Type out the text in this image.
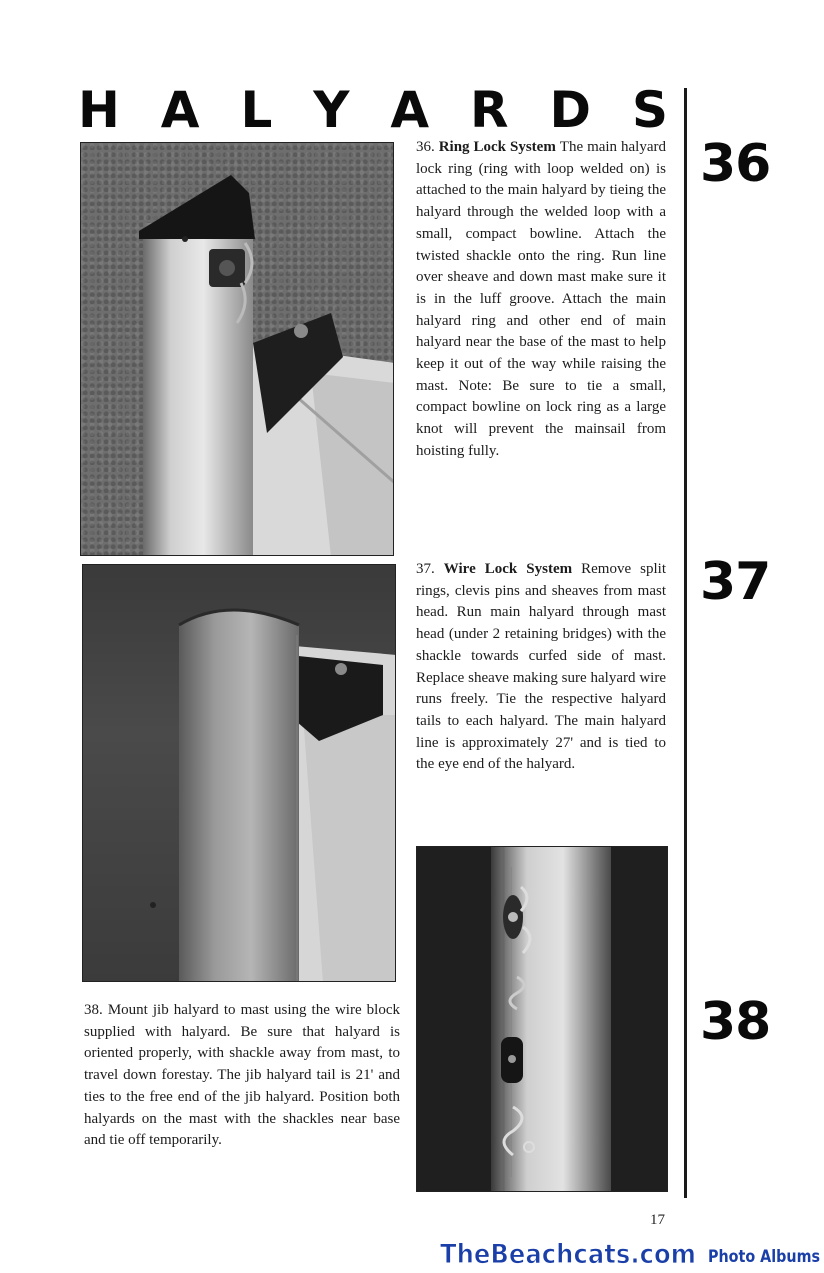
H A L Y A R D S
36
37
38
36. Ring Lock System The main halyard lock ring (ring with loop welded on) is attached to the main halyard by tieing the halyard through the welded loop with a small, compact bowline. Attach the twisted shackle onto the ring. Run line over sheave and down mast make sure it is in the luff groove. Attach the main halyard ring and other end of main halyard near the base of the mast to help keep it out of the way while raising the mast. Note: Be sure to tie a small, compact bowline on lock ring as a large knot will prevent the mainsail from hoisting fully.
37. Wire Lock System Remove split rings, clevis pins and sheaves from mast head. Run main halyard through mast head (under 2 retaining bridges) with the shackle towards curfed side of mast. Replace sheave making sure halyard wire runs freely. Tie the respective halyard tails to each halyard. The main halyard line is approximately 27' and is tied to the eye end of the halyard.
38. Mount jib halyard to mast using the wire block supplied with halyard. Be sure that halyard is oriented properly, with shackle away from mast, to travel down forestay. The jib halyard tail is 21' and ties to the free end of the jib halyard. Position both halyards on the mast with the shackles near base and tie off temporarily.
17
TheBeachcats.com Photo Albums
